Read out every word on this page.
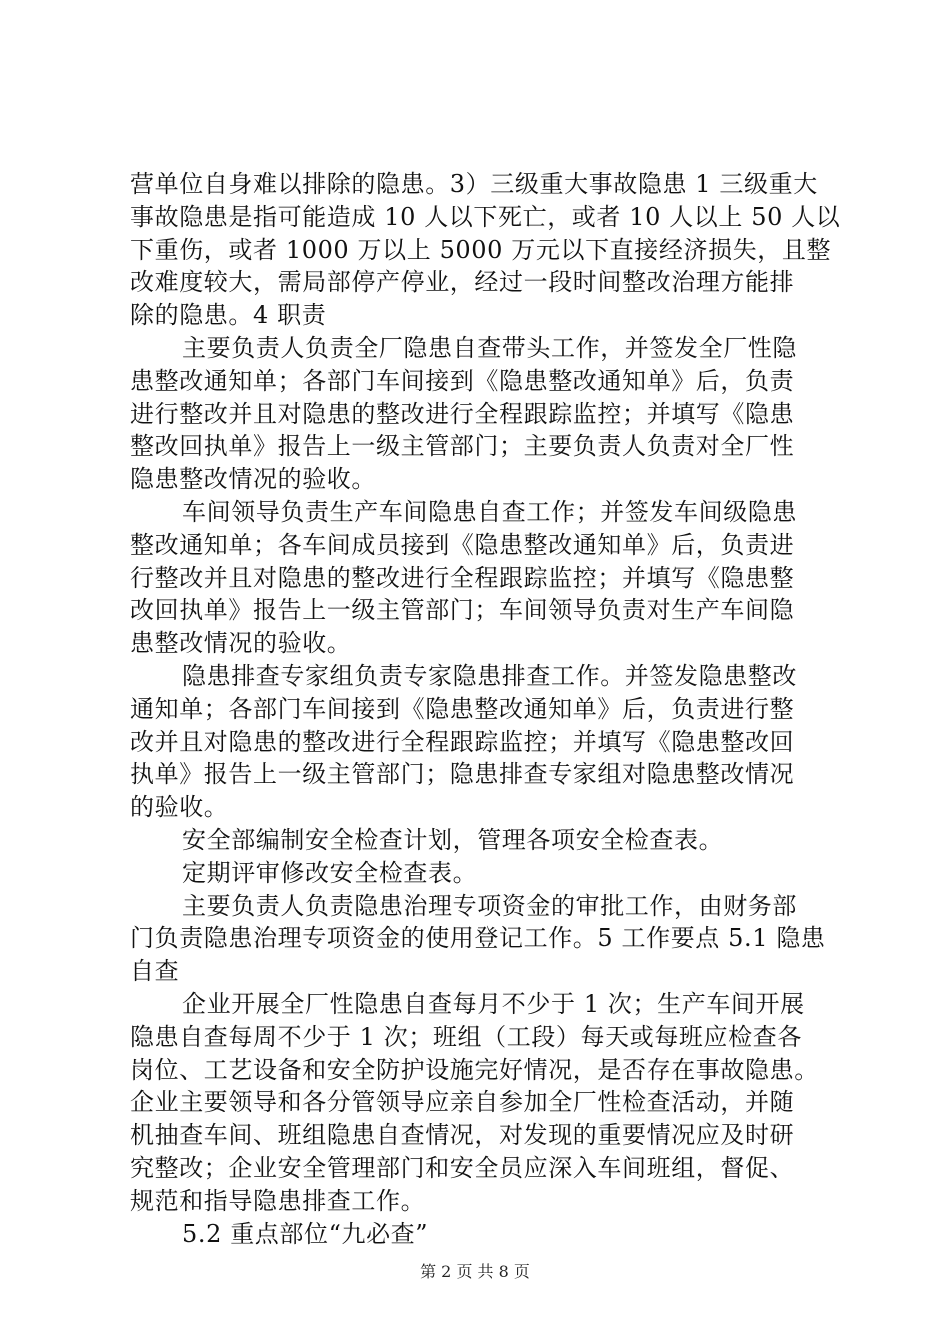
营单位自身难以排除的隐患。3）三级重大事故隐患 1 三级重大
事故隐患是指可能造成 10 人以下死亡，或者 10 人以上 50 人以
下重伤，或者 1000 万以上 5000 万元以下直接经济损失，且整
改难度较大，需局部停产停业，经过一段时间整改治理方能排
除的隐患。4 职责
主要负责人负责全厂隐患自查带头工作，并签发全厂性隐
患整改通知单；各部门车间接到《隐患整改通知单》后，负责
进行整改并且对隐患的整改进行全程跟踪监控；并填写《隐患
整改回执单》报告上一级主管部门；主要负责人负责对全厂性
隐患整改情况的验收。
车间领导负责生产车间隐患自查工作；并签发车间级隐患
整改通知单；各车间成员接到《隐患整改通知单》后，负责进
行整改并且对隐患的整改进行全程跟踪监控；并填写《隐患整
改回执单》报告上一级主管部门；车间领导负责对生产车间隐
患整改情况的验收。
隐患排查专家组负责专家隐患排查工作。并签发隐患整改
通知单；各部门车间接到《隐患整改通知单》后，负责进行整
改并且对隐患的整改进行全程跟踪监控；并填写《隐患整改回
执单》报告上一级主管部门；隐患排查专家组对隐患整改情况
的验收。
安全部编制安全检查计划，管理各项安全检查表。
定期评审修改安全检查表。
主要负责人负责隐患治理专项资金的审批工作，由财务部
门负责隐患治理专项资金的使用登记工作。5 工作要点 5.1 隐患
自查
企业开展全厂性隐患自查每月不少于 1 次；生产车间开展
隐患自查每周不少于 1 次；班组（工段）每天或每班应检查各
岗位、工艺设备和安全防护设施完好情况，是否存在事故隐患。
企业主要领导和各分管领导应亲自参加全厂性检查活动，并随
机抽查车间、班组隐患自查情况，对发现的重要情况应及时研
究整改；企业安全管理部门和安全员应深入车间班组，督促、
规范和指导隐患排查工作。
5.2 重点部位“九必查”
第 2 页 共 8 页
